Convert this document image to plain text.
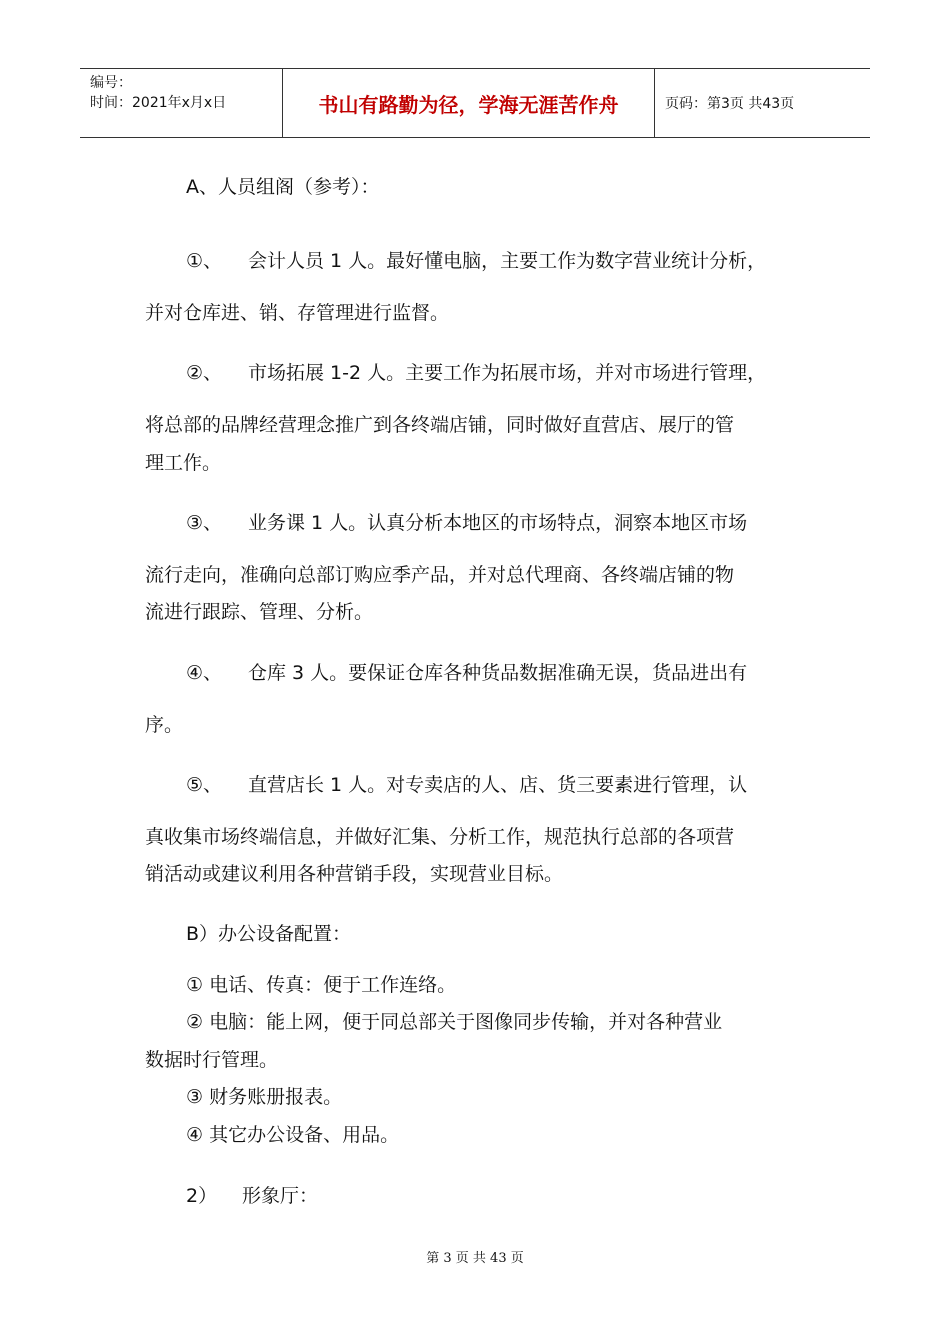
编号：
时间：2021年x月x日	书山有路勤为径，学海无涯苦作舟	页码：第3页 共43页
A、人员组阁（参考）：
①、 会计人员 1 人。最好懂电脑，主要工作为数字营业统计分析，
并对仓库进、销、存管理进行监督。
②、 市场拓展 1-2 人。主要工作为拓展市场，并对市场进行管理，
将总部的品牌经营理念推广到各终端店铺，同时做好直营店、展厅的管
理工作。
③、 业务课 1 人。认真分析本地区的市场特点，洞察本地区市场
流行走向，准确向总部订购应季产品，并对总代理商、各终端店铺的物
流进行跟踪、管理、分析。
④、 仓库 3 人。要保证仓库各种货品数据准确无误，货品进出有
序。
⑤、 直营店长 1 人。对专卖店的人、店、货三要素进行管理，认
真收集市场终端信息，并做好汇集、分析工作，规范执行总部的各项营
销活动或建议利用各种营销手段，实现营业目标。
B）办公设备配置：
① 电话、传真：便于工作连络。
② 电脑：能上网，便于同总部关于图像同步传输，并对各种营业
数据时行管理。
③ 财务账册报表。
④ 其它办公设备、用品。
2） 形象厅：
第 3 页 共 43 页
